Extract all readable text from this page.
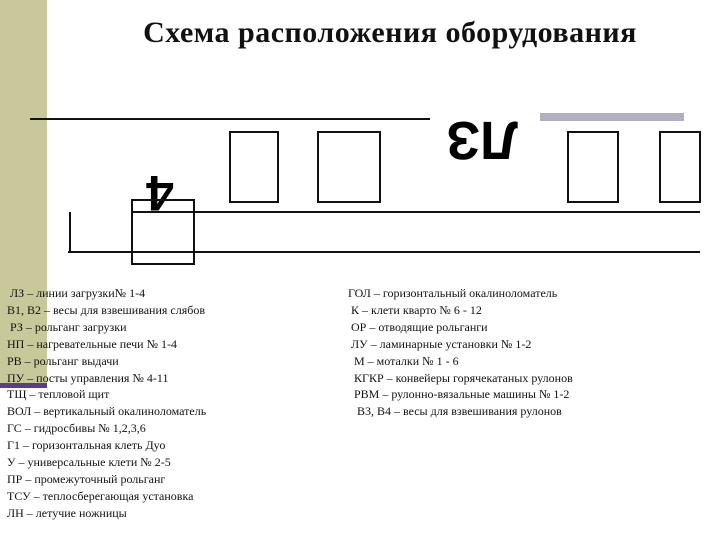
Схема расположения оборудования
ЛЗ
4
ЛЗ – линии загрузки№ 1-4
В1, В2 – весы для взвешивания слябов
РЗ – рольганг загрузки
НП – нагревательные печи № 1-4
РВ – рольганг выдачи
ПУ – посты управления № 4-11
ТЩ – тепловой щит
ВОЛ – вертикальный окалиноломатель
ГС – гидросбивы № 1,2,3,6
Г1 – горизонтальная клеть Дуо
У – универсальные клети № 2-5
ПР – промежуточный рольганг
ТСУ – теплосберегающая установка
ЛН – летучие ножницы
ГОЛ – горизонтальный окалиноломатель
К – клети кварто № 6 - 12
ОР – отводящие рольганги
ЛУ – ламинарные установки № 1-2
М – моталки № 1 - 6
КГКР – конвейеры горячекатаных рулонов
РВМ – рулонно-вязальные машины № 1-2
В3, В4 – весы для взвешивания рулонов
